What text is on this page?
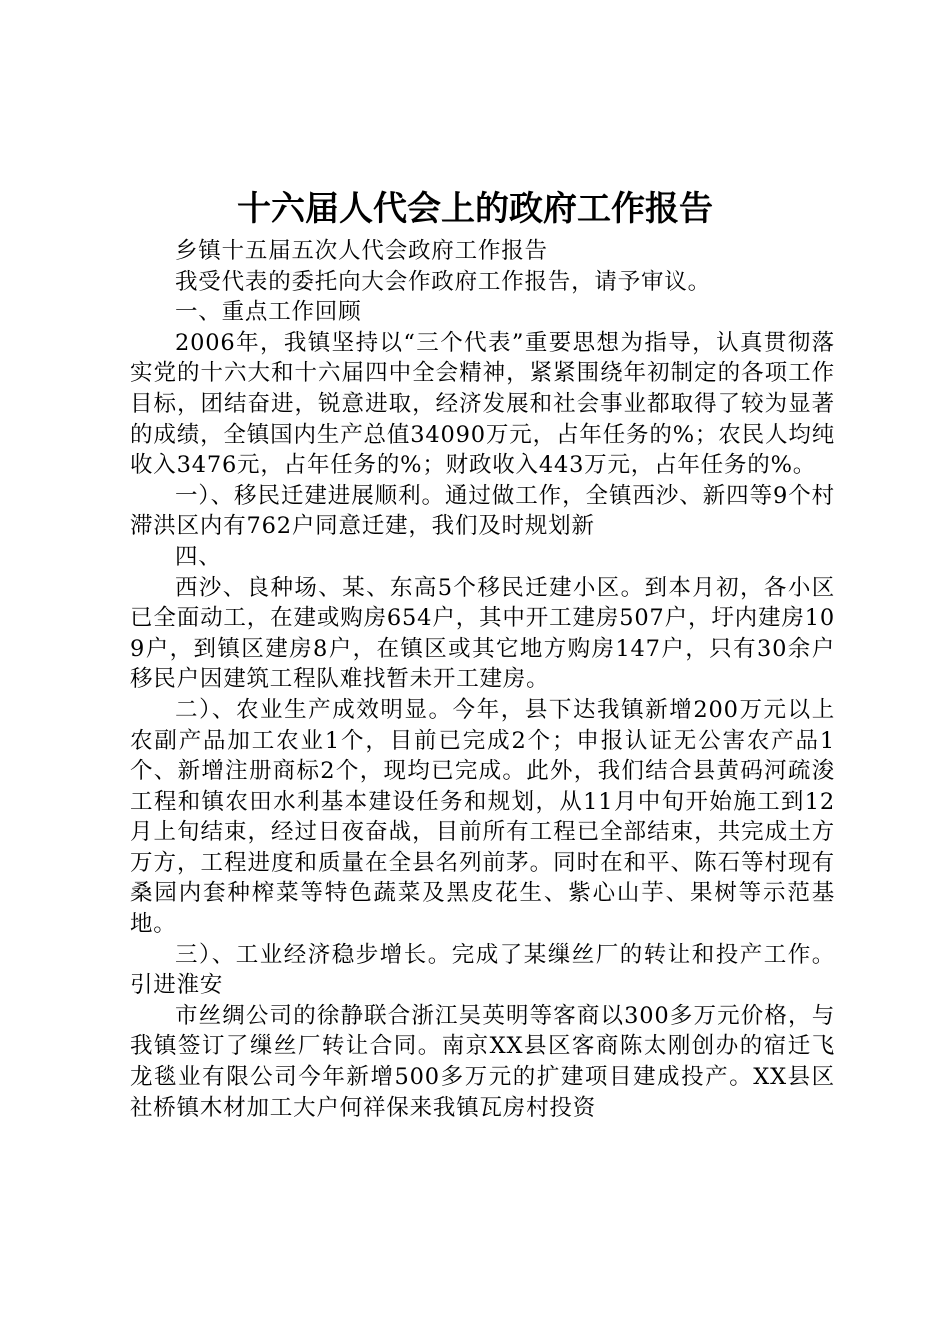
十六届人代会上的政府工作报告

乡镇十五届五次人代会政府工作报告

我受代表的委托向大会作政府工作报告，请予审议。

一、重点工作回顾

2006年，我镇坚持以“三个代表”重要思想为指导，认真贯彻落实党的十六大和十六届四中全会精神，紧紧围绕年初制定的各项工作目标，团结奋进，锐意进取，经济发展和社会事业都取得了较为显著的成绩，全镇国内生产总值34090万元，占年任务的%；农民人均纯收入3476元，占年任务的%；财政收入443万元，占年任务的%。

一）、移民迁建进展顺利。通过做工作，全镇西沙、新四等9个村滞洪区内有762户同意迁建，我们及时规划新

四、

西沙、良种场、某、东高5个移民迁建小区。到本月初，各小区已全面动工，在建或购房654户，其中开工建房507户，圩内建房109户，到镇区建房8户，在镇区或其它地方购房147户，只有30余户移民户因建筑工程队难找暂未开工建房。

二）、农业生产成效明显。今年，县下达我镇新增200万元以上农副产品加工农业1个，目前已完成2个；申报认证无公害农产品1个、新增注册商标2个，现均已完成。此外，我们结合县黄码河疏浚工程和镇农田水利基本建设任务和规划，从11月中旬开始施工到12月上旬结束，经过日夜奋战，目前所有工程已全部结束，共完成土方万方，工程进度和质量在全县名列前茅。同时在和平、陈石等村现有桑园内套种榨菜等特色蔬菜及黑皮花生、紫心山芋、果树等示范基地。

三）、工业经济稳步增长。完成了某缫丝厂的转让和投产工作。引进淮安

市丝绸公司的徐静联合浙江吴英明等客商以300多万元价格，与我镇签订了缫丝厂转让合同。南京XX县区客商陈太刚创办的宿迁飞龙毯业有限公司今年新增500多万元的扩建项目建成投产。XX县区社桥镇木材加工大户何祥保来我镇瓦房村投资
